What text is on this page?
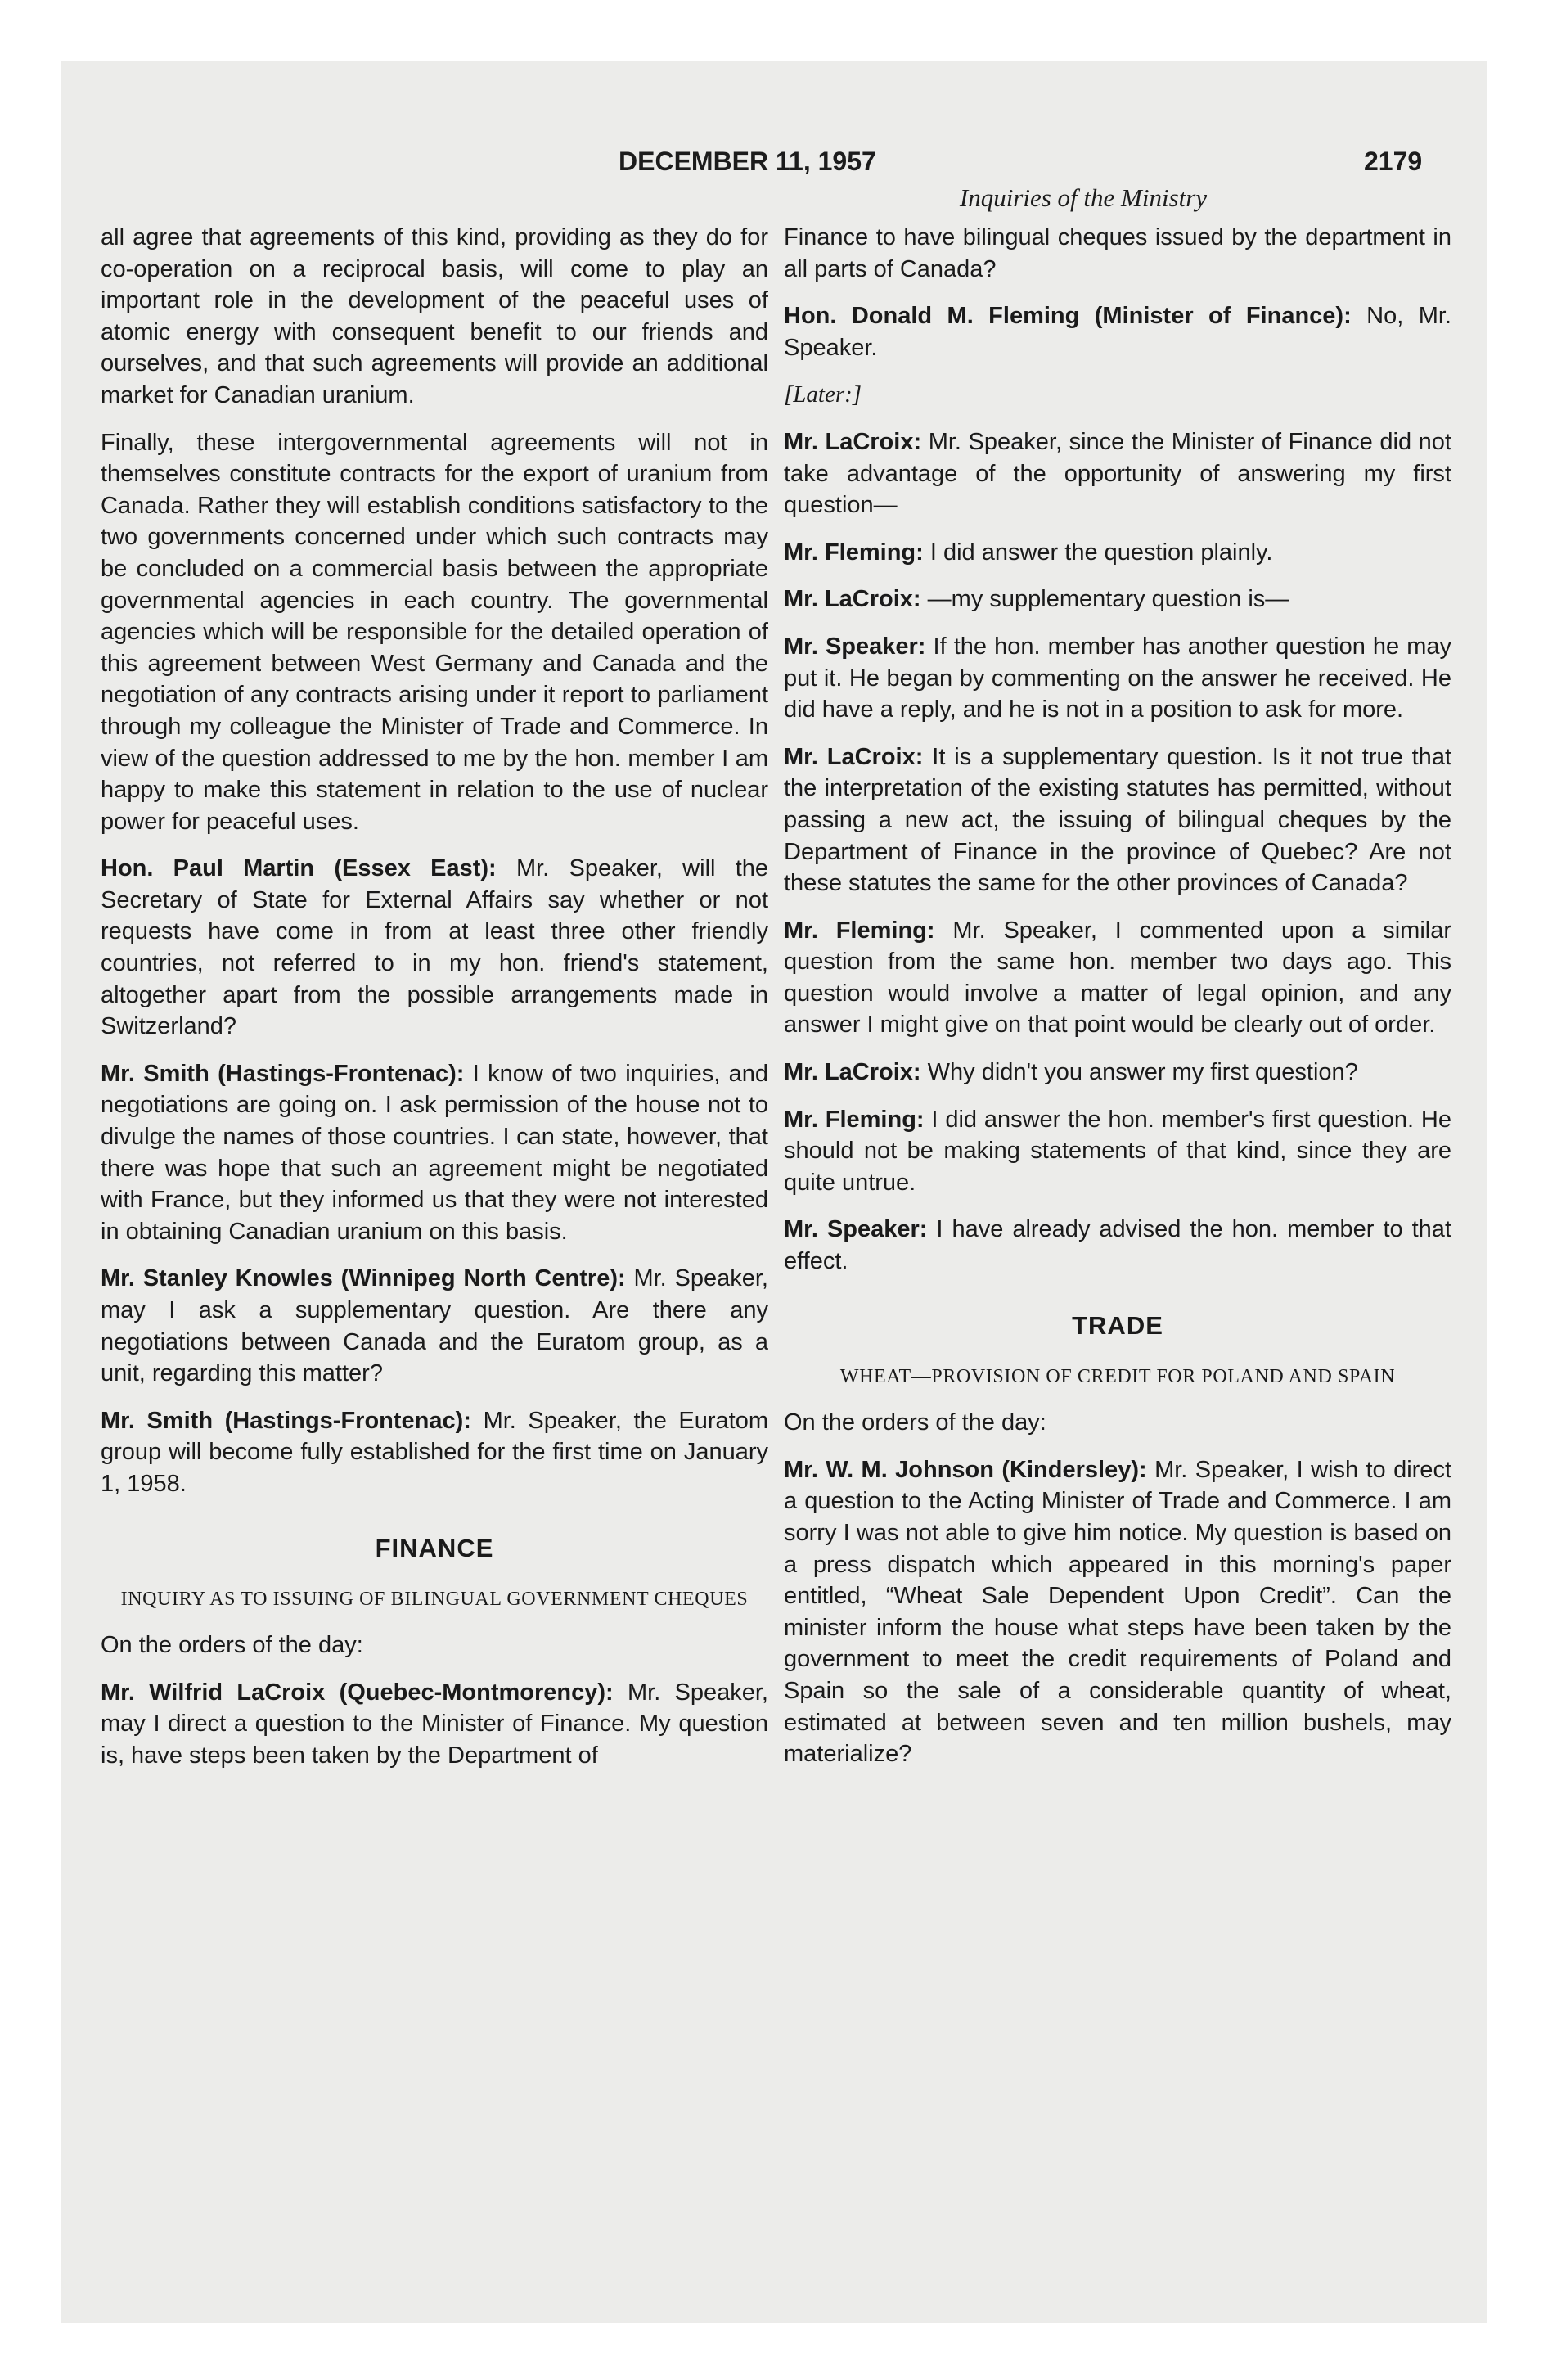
DECEMBER 11, 1957	2179
Inquiries of the Ministry

all agree that agreements of this kind, providing as they do for co-operation on a reciprocal basis, will come to play an important role in the development of the peaceful uses of atomic energy with consequent benefit to our friends and ourselves, and that such agreements will provide an additional market for Canadian uranium.

Finally, these intergovernmental agreements will not in themselves constitute contracts for the export of uranium from Canada. Rather they will establish conditions satisfactory to the two governments concerned under which such contracts may be concluded on a commercial basis between the appropriate governmental agencies in each country. The governmental agencies which will be responsible for the detailed operation of this agreement between West Germany and Canada and the negotiation of any contracts arising under it report to parliament through my colleague the Minister of Trade and Commerce. In view of the question addressed to me by the hon. member I am happy to make this statement in relation to the use of nuclear power for peaceful uses.

Hon. Paul Martin (Essex East): Mr. Speaker, will the Secretary of State for External Affairs say whether or not requests have come in from at least three other friendly countries, not referred to in my hon. friend's statement, altogether apart from the possible arrangements made in Switzerland?

Mr. Smith (Hastings-Frontenac): I know of two inquiries, and negotiations are going on. I ask permission of the house not to divulge the names of those countries. I can state, however, that there was hope that such an agreement might be negotiated with France, but they informed us that they were not interested in obtaining Canadian uranium on this basis.

Mr. Stanley Knowles (Winnipeg North Centre): Mr. Speaker, may I ask a supplementary question. Are there any negotiations between Canada and the Euratom group, as a unit, regarding this matter?

Mr. Smith (Hastings-Frontenac): Mr. Speaker, the Euratom group will become fully established for the first time on January 1, 1958.

FINANCE
INQUIRY AS TO ISSUING OF BILINGUAL GOVERNMENT CHEQUES

On the orders of the day:

Mr. Wilfrid LaCroix (Quebec-Montmorency): Mr. Speaker, may I direct a question to the Minister of Finance. My question is, have steps been taken by the Department of

Finance to have bilingual cheques issued by the department in all parts of Canada?

Hon. Donald M. Fleming (Minister of Finance): No, Mr. Speaker.

[Later:]

Mr. LaCroix: Mr. Speaker, since the Minister of Finance did not take advantage of the opportunity of answering my first question—

Mr. Fleming: I did answer the question plainly.

Mr. LaCroix: —my supplementary question is—

Mr. Speaker: If the hon. member has another question he may put it. He began by commenting on the answer he received. He did have a reply, and he is not in a position to ask for more.

Mr. LaCroix: It is a supplementary question. Is it not true that the interpretation of the existing statutes has permitted, without passing a new act, the issuing of bilingual cheques by the Department of Finance in the province of Quebec? Are not these statutes the same for the other provinces of Canada?

Mr. Fleming: Mr. Speaker, I commented upon a similar question from the same hon. member two days ago. This question would involve a matter of legal opinion, and any answer I might give on that point would be clearly out of order.

Mr. LaCroix: Why didn't you answer my first question?

Mr. Fleming: I did answer the hon. member's first question. He should not be making statements of that kind, since they are quite untrue.

Mr. Speaker: I have already advised the hon. member to that effect.

TRADE
WHEAT—PROVISION OF CREDIT FOR POLAND AND SPAIN

On the orders of the day:

Mr. W. M. Johnson (Kindersley): Mr. Speaker, I wish to direct a question to the Acting Minister of Trade and Commerce. I am sorry I was not able to give him notice. My question is based on a press dispatch which appeared in this morning's paper entitled, “Wheat Sale Dependent Upon Credit”. Can the minister inform the house what steps have been taken by the government to meet the credit requirements of Poland and Spain so the sale of a considerable quantity of wheat, estimated at between seven and ten million bushels, may materialize?
